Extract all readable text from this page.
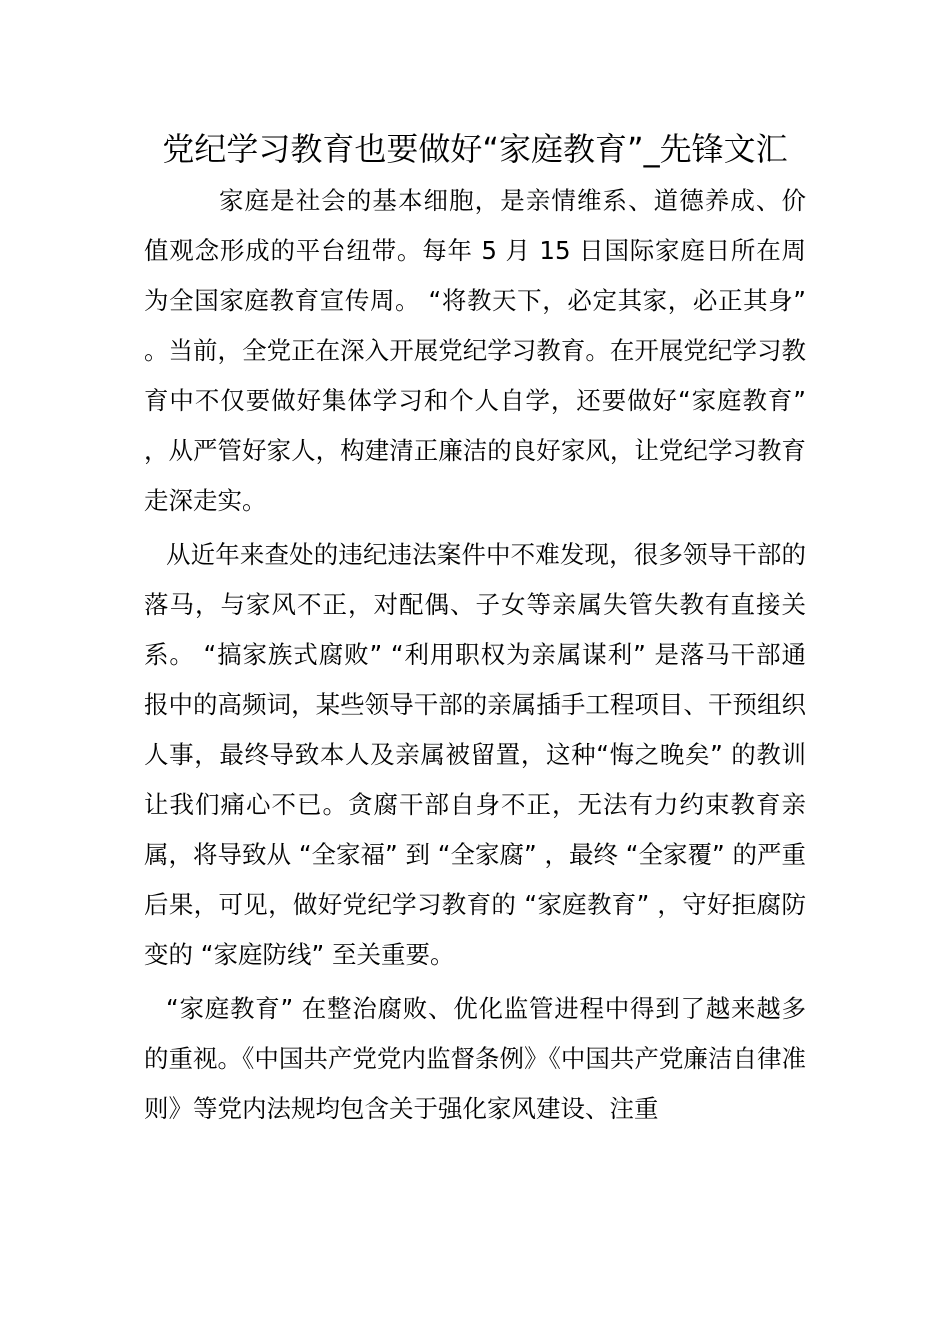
党纪学习教育也要做好“家庭教育”_先锋文汇

家庭是社会的基本细胞，是亲情维系、道德养成、价值观念形成的平台纽带。每年 5 月 15 日国际家庭日所在周为全国家庭教育宣传周。 “将教天下，必定其家，必正其身” 。当前，全党正在深入开展党纪学习教育。在开展党纪学习教育中不仅要做好集体学习和个人自学，还要做好“家庭教育” ，从严管好家人，构建清正廉洁的良好家风，让党纪学习教育走深走实。

从近年来查处的违纪违法案件中不难发现，很多领导干部的落马，与家风不正，对配偶、子女等亲属失管失教有直接关系。 “搞家族式腐败” “利用职权为亲属谋利” 是落马干部通报中的高频词，某些领导干部的亲属插手工程项目、干预组织人事，最终导致本人及亲属被留置，这种“悔之晚矣” 的教训让我们痛心不已。贪腐干部自身不正，无法有力约束教育亲属，将导致从 “全家福” 到 “全家腐” ，最终 “全家覆” 的严重后果，可见，做好党纪学习教育的 “家庭教育” ，守好拒腐防变的 “家庭防线” 至关重要。

“家庭教育” 在整治腐败、优化监管进程中得到了越来越多的重视。《中国共产党党内监督条例》《中国共产党廉洁自律准则》等党内法规均包含关于强化家风建设、注重
